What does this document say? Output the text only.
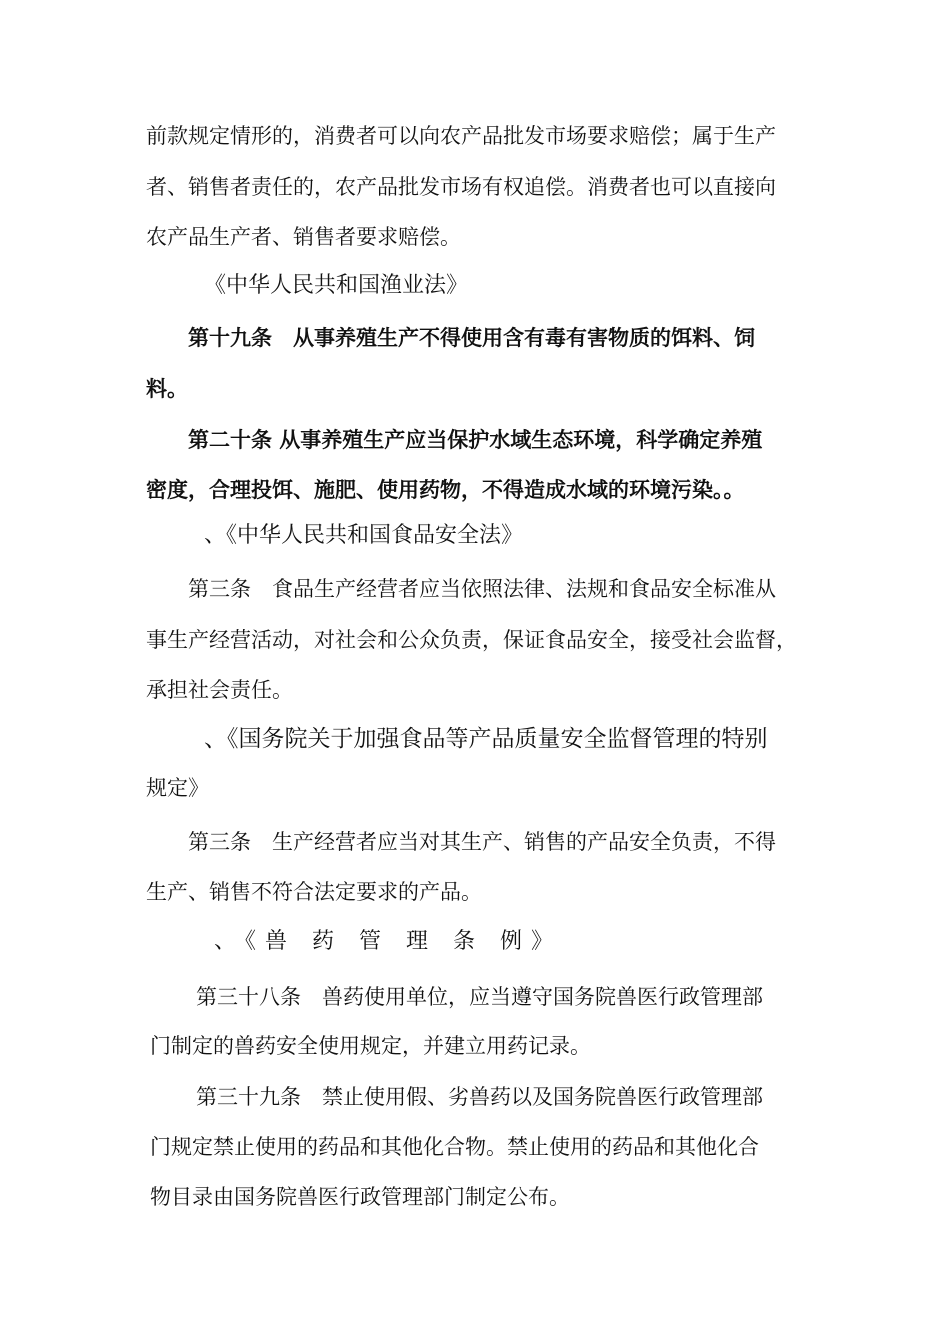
前款规定情形的，消费者可以向农产品批发市场要求赔偿；属于生产
者、销售者责任的，农产品批发市场有权追偿。消费者也可以直接向
农产品生产者、销售者要求赔偿。
《中华人民共和国渔业法》
第十九条　从事养殖生产不得使用含有毒有害物质的饵料、饲
料。
第二十条 从事养殖生产应当保护水域生态环境，科学确定养殖
密度，合理投饵、施肥、使用药物，不得造成水域的环境污染。。
、《中华人民共和国食品安全法》
第三条　食品生产经营者应当依照法律、法规和食品安全标准从
事生产经营活动，对社会和公众负责，保证食品安全，接受社会监督，
承担社会责任。
、《国务院关于加强食品等产品质量安全监督管理的特别
规定》
第三条　生产经营者应当对其生产、销售的产品安全负责，不得
生产、销售不符合法定要求的产品。
、《兽 药 管 理 条 例》
第三十八条　兽药使用单位，应当遵守国务院兽医行政管理部
门制定的兽药安全使用规定，并建立用药记录。
第三十九条　禁止使用假、劣兽药以及国务院兽医行政管理部
门规定禁止使用的药品和其他化合物。禁止使用的药品和其他化合
物目录由国务院兽医行政管理部门制定公布。
